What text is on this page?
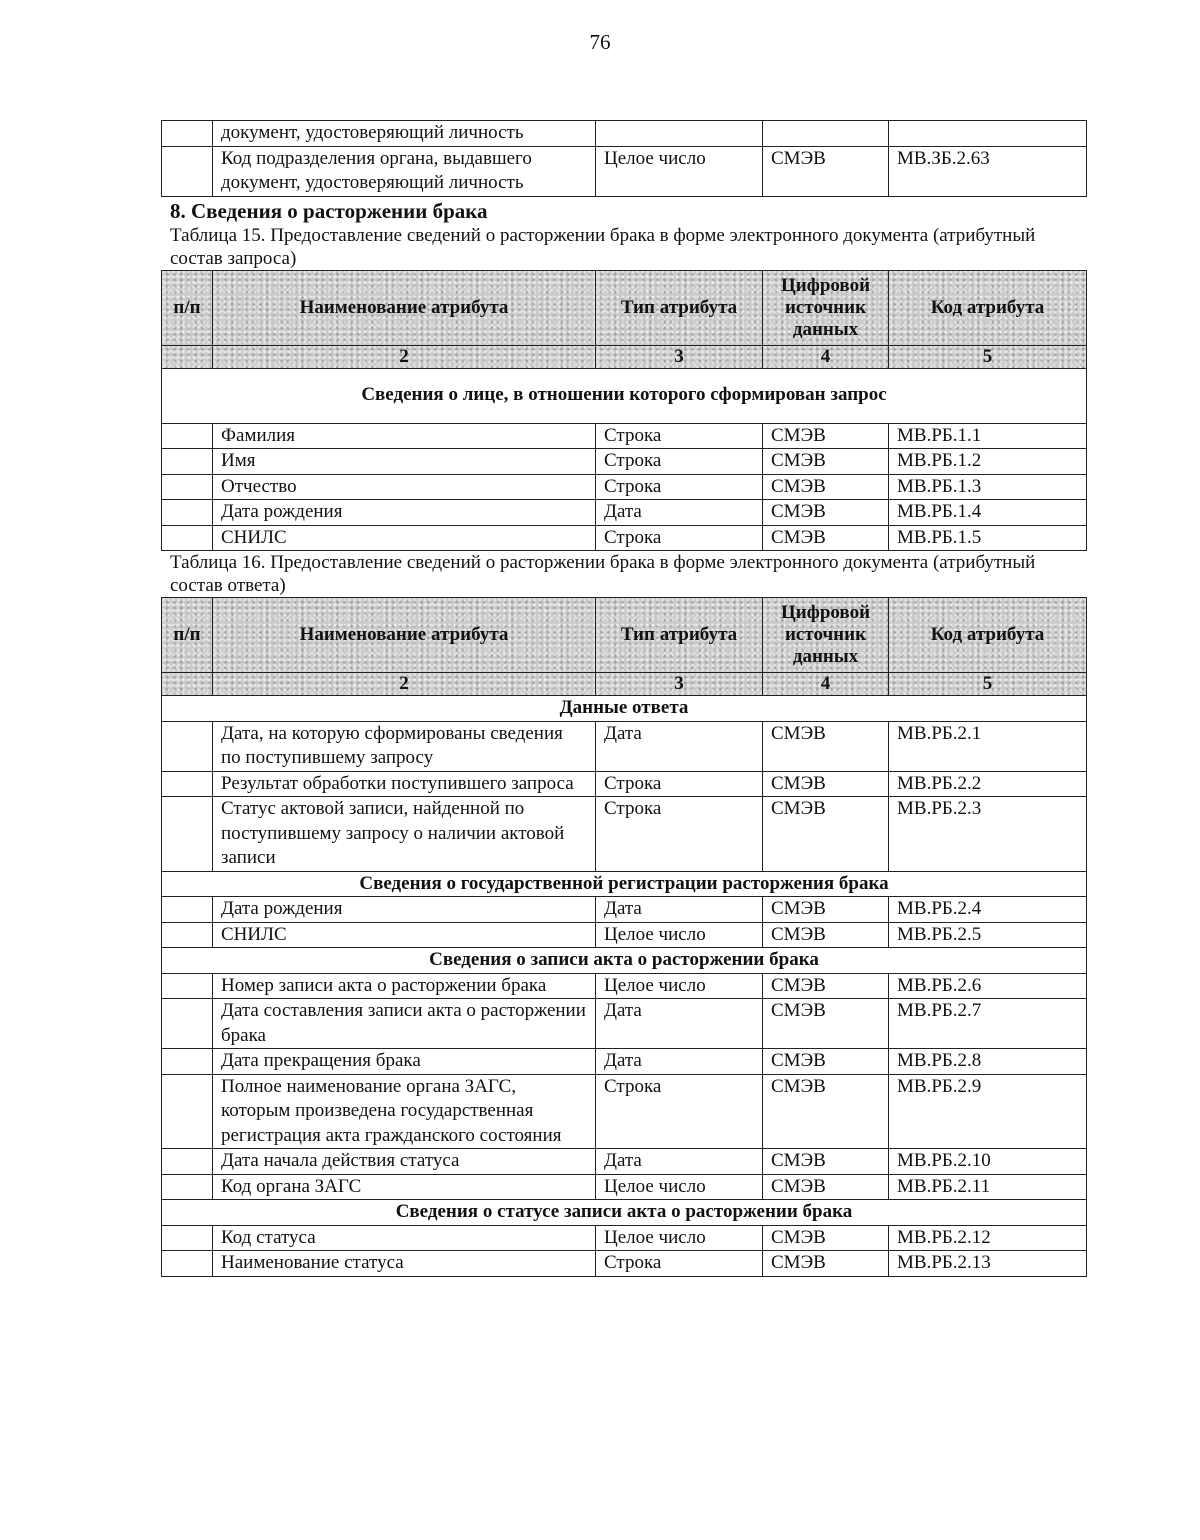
76
	документ, удостоверяющий личность			
	Код подразделения органа, выдавшего документ, удостоверяющий личность	Целое число	СМЭВ	МВ.ЗБ.2.63
8. Сведения о расторжении брака
Таблица 15. Предоставление сведений о расторжении брака в форме электронного документа (атрибутный состав запроса)
п/п	Наименование атрибута	Тип атрибута	Цифровой источник данных	Код атрибута
	2	3	4	5
Сведения о лице, в отношении которого сформирован запрос				
	Фамилия	Строка	СМЭВ	МВ.РБ.1.1
	Имя	Строка	СМЭВ	МВ.РБ.1.2
	Отчество	Строка	СМЭВ	МВ.РБ.1.3
	Дата рождения	Дата	СМЭВ	МВ.РБ.1.4
	СНИЛС	Строка	СМЭВ	МВ.РБ.1.5
Таблица 16. Предоставление сведений о расторжении брака в форме электронного документа (атрибутный состав ответа)
п/п	Наименование атрибута	Тип атрибута	Цифровой источник данных	Код атрибута
	2	3	4	5
Данные ответа				
	Дата, на которую сформированы сведения по поступившему запросу	Дата	СМЭВ	МВ.РБ.2.1
	Результат обработки поступившего запроса	Строка	СМЭВ	МВ.РБ.2.2
	Статус актовой записи, найденной по поступившему запросу о наличии актовой записи	Строка	СМЭВ	МВ.РБ.2.3
Сведения о государственной регистрации расторжения брака				
	Дата рождения	Дата	СМЭВ	МВ.РБ.2.4
	СНИЛС	Целое число	СМЭВ	МВ.РБ.2.5
Сведения о записи акта о расторжении брака				
	Номер записи акта о расторжении брака	Целое число	СМЭВ	МВ.РБ.2.6
	Дата составления записи акта о расторжении брака	Дата	СМЭВ	МВ.РБ.2.7
	Дата прекращения брака	Дата	СМЭВ	МВ.РБ.2.8
	Полное наименование органа ЗАГС, которым произведена государственная регистрация акта гражданского состояния	Строка	СМЭВ	МВ.РБ.2.9
	Дата начала действия статуса	Дата	СМЭВ	МВ.РБ.2.10
	Код органа ЗАГС	Целое число	СМЭВ	МВ.РБ.2.11
Сведения о статусе записи акта о расторжении брака				
	Код статуса	Целое число	СМЭВ	МВ.РБ.2.12
	Наименование статуса	Строка	СМЭВ	МВ.РБ.2.13
